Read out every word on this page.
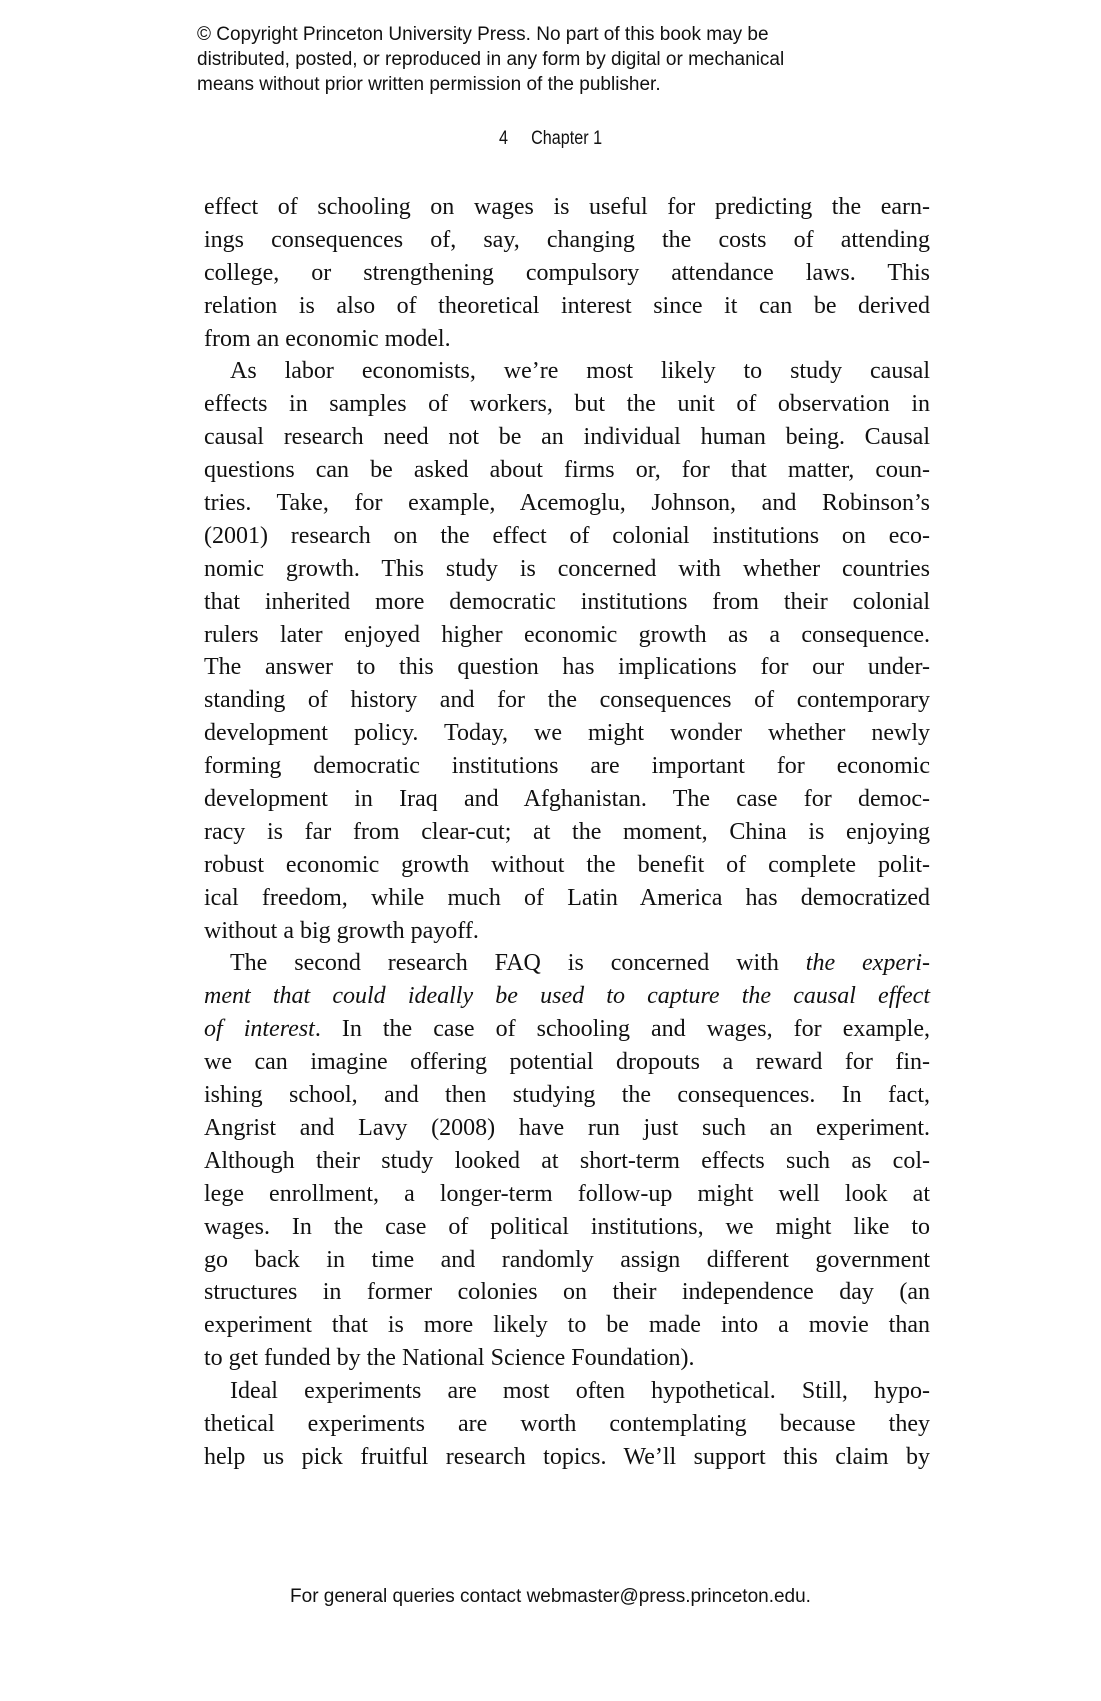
© Copyright Princeton University Press. No part of this book may be
distributed, posted, or reproduced in any form by digital or mechanical
means without prior written permission of the publisher.
4 Chapter 1
effect of schooling on wages is useful for predicting the earn-
ings consequences of, say, changing the costs of attending
college, or strengthening compulsory attendance laws. This
relation is also of theoretical interest since it can be derived
from an economic model.
As labor economists, we’re most likely to study causal
effects in samples of workers, but the unit of observation in
causal research need not be an individual human being. Causal
questions can be asked about firms or, for that matter, coun-
tries. Take, for example, Acemoglu, Johnson, and Robinson’s
(2001) research on the effect of colonial institutions on eco-
nomic growth. This study is concerned with whether countries
that inherited more democratic institutions from their colonial
rulers later enjoyed higher economic growth as a consequence.
The answer to this question has implications for our under-
standing of history and for the consequences of contemporary
development policy. Today, we might wonder whether newly
forming democratic institutions are important for economic
development in Iraq and Afghanistan. The case for democ-
racy is far from clear-cut; at the moment, China is enjoying
robust economic growth without the benefit of complete polit-
ical freedom, while much of Latin America has democratized
without a big growth payoff.
The second research FAQ is concerned with the experi-
ment that could ideally be used to capture the causal effect
of interest. In the case of schooling and wages, for example,
we can imagine offering potential dropouts a reward for fin-
ishing school, and then studying the consequences. In fact,
Angrist and Lavy (2008) have run just such an experiment.
Although their study looked at short-term effects such as col-
lege enrollment, a longer-term follow-up might well look at
wages. In the case of political institutions, we might like to
go back in time and randomly assign different government
structures in former colonies on their independence day (an
experiment that is more likely to be made into a movie than
to get funded by the National Science Foundation).
Ideal experiments are most often hypothetical. Still, hypo-
thetical experiments are worth contemplating because they
help us pick fruitful research topics. We’ll support this claim by
For general queries contact webmaster@press.princeton.edu.
